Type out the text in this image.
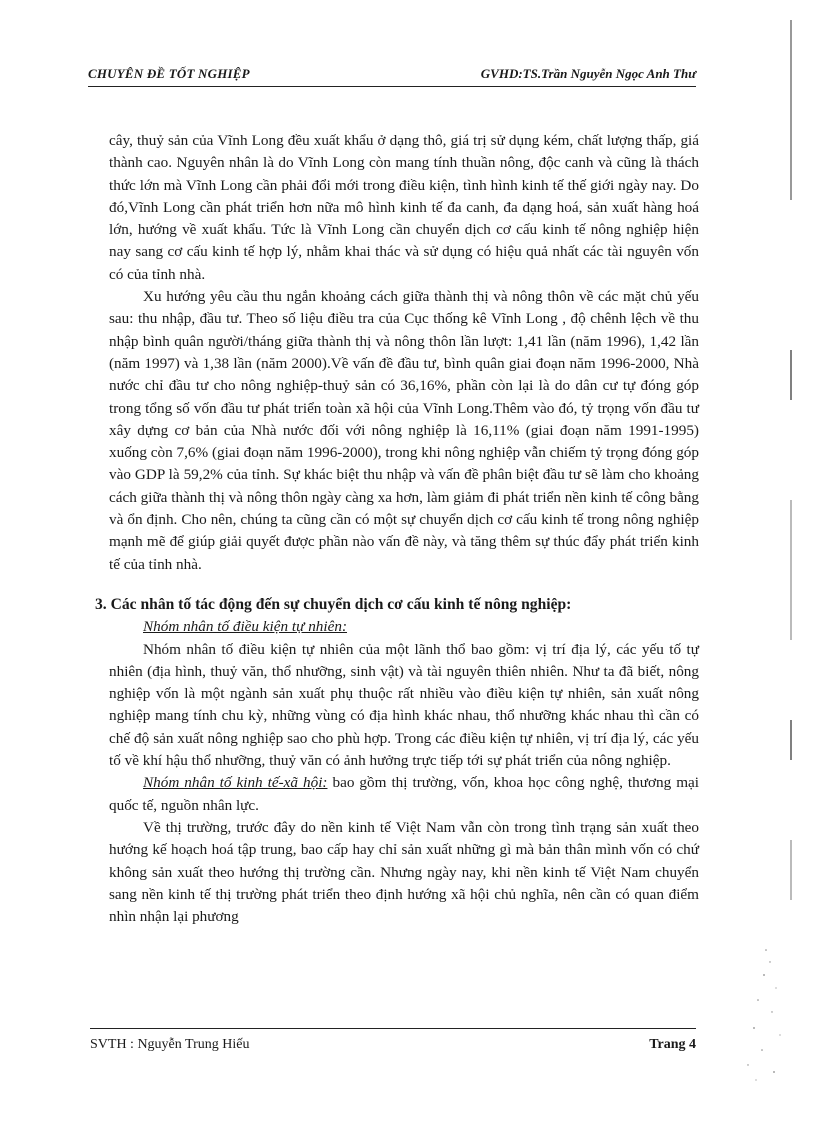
CHUYÊN ĐỀ TỐT NGHIỆP	GVHD:TS.Trần Nguyễn Ngọc Anh Thư

cây, thuỷ sản của Vĩnh Long đều xuất khẩu ở dạng thô, giá trị sử dụng kém, chất lượng thấp, giá thành cao. Nguyên nhân là do Vĩnh Long còn mang tính thuần nông, độc canh và cũng là thách thức lớn mà Vĩnh Long cần phải đổi mới trong điều kiện, tình hình kinh tế thế giới ngày nay. Do đó,Vĩnh Long cần phát triển hơn nữa mô hình kinh tế đa canh, đa dạng hoá, sản xuất hàng hoá lớn, hướng về xuất khẩu. Tức là Vĩnh Long cần chuyển dịch cơ cấu kinh tế nông nghiệp hiện nay sang cơ cấu kinh tế hợp lý, nhằm khai thác và sử dụng có hiệu quả nhất các tài nguyên vốn có của tỉnh nhà.

Xu hướng yêu cầu thu ngắn khoảng cách giữa thành thị và nông thôn về các mặt chủ yếu sau: thu nhập, đầu tư. Theo số liệu điều tra của Cục thống kê Vĩnh Long , độ chênh lệch về thu nhập bình quân người/tháng giữa thành thị và nông thôn lần lượt: 1,41 lần (năm 1996), 1,42 lần (năm 1997) và 1,38 lần (năm 2000).Về vấn đề đầu tư, bình quân giai đoạn năm 1996-2000, Nhà nước chỉ đầu tư cho nông nghiệp-thuỷ sản có 36,16%, phần còn lại là do dân cư tự đóng góp trong tổng số vốn đầu tư phát triển toàn xã hội của Vĩnh Long.Thêm vào đó, tỷ trọng vốn đầu tư xây dựng cơ bản của Nhà nước đối với nông nghiệp là 16,11% (giai đoạn năm 1991-1995) xuống còn 7,6% (giai đoạn năm 1996-2000), trong khi nông nghiệp vẫn chiếm tỷ trọng đóng góp vào GDP là 59,2% của tỉnh. Sự khác biệt thu nhập và vấn đề phân biệt đầu tư sẽ làm cho khoảng cách giữa thành thị và nông thôn ngày càng xa hơn, làm giảm đi phát triển nền kinh tế công bằng và ổn định. Cho nên, chúng ta cũng cần có một sự chuyển dịch cơ cấu kinh tế trong nông nghiệp mạnh mẽ để giúp giải quyết được phần nào vấn đề này, và tăng thêm sự thúc đẩy phát triển kinh tế của tỉnh nhà.

3. Các nhân tố tác động đến sự chuyển dịch cơ cấu kinh tế nông nghiệp:

Nhóm nhân tố điều kiện tự nhiên:

Nhóm nhân tố điều kiện tự nhiên của một lãnh thổ bao gồm: vị trí địa lý, các yếu tố tự nhiên (địa hình, thuỷ văn, thổ nhưỡng, sinh vật) và tài nguyên thiên nhiên. Như ta đã biết, nông nghiệp vốn là một ngành sản xuất phụ thuộc rất nhiều vào điều kiện tự nhiên, sản xuất nông nghiệp mang tính chu kỳ, những vùng có địa hình khác nhau, thổ nhưỡng khác nhau thì cần có chế độ sản xuất nông nghiệp sao cho phù hợp. Trong các điều kiện tự nhiên, vị trí địa lý, các yếu tố về khí hậu thổ nhưỡng, thuỷ văn có ảnh hưởng trực tiếp tới sự phát triển của nông nghiệp.

Nhóm nhân tố kinh tế-xã hội: bao gồm thị trường, vốn, khoa học công nghệ, thương mại quốc tế, nguồn nhân lực.

Về thị trường, trước đây do nền kinh tế Việt Nam vẫn còn trong tình trạng sản xuất theo hướng kế hoạch hoá tập trung, bao cấp hay chỉ sản xuất những gì mà bản thân mình vốn có chứ không sản xuất theo hướng thị trường cần. Nhưng ngày nay, khi nền kinh tế Việt Nam chuyển sang nền kinh tế thị trường phát triển theo định hướng xã hội chủ nghĩa, nên cần có quan điểm nhìn nhận lại phương

SVTH : Nguyễn Trung Hiếu	Trang 4
